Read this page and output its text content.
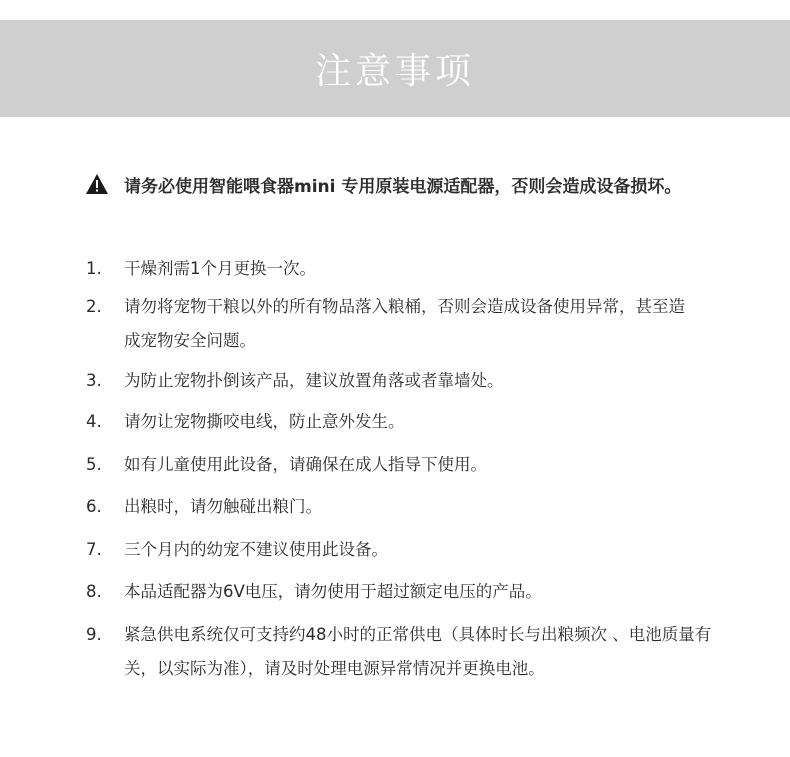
注意事项
请务必使用智能喂食器mini 专用原装电源适配器，否则会造成设备损坏。
1.	干燥剂需1个月更换一次。
2.	请勿将宠物干粮以外的所有物品落入粮桶，否则会造成设备使用异常，甚至造成宠物安全问题。
3.	为防止宠物扑倒该产品，建议放置角落或者靠墙处。
4.	请勿让宠物撕咬电线，防止意外发生。
5.	如有儿童使用此设备，请确保在成人指导下使用。
6.	出粮时，请勿触碰出粮门。
7.	三个月内的幼宠不建议使用此设备。
8.	本品适配器为6V电压，请勿使用于超过额定电压的产品。
9.	紧急供电系统仅可支持约48小时的正常供电（具体时长与出粮频次 、电池质量有关，以实际为准），请及时处理电源异常情况并更换电池。
